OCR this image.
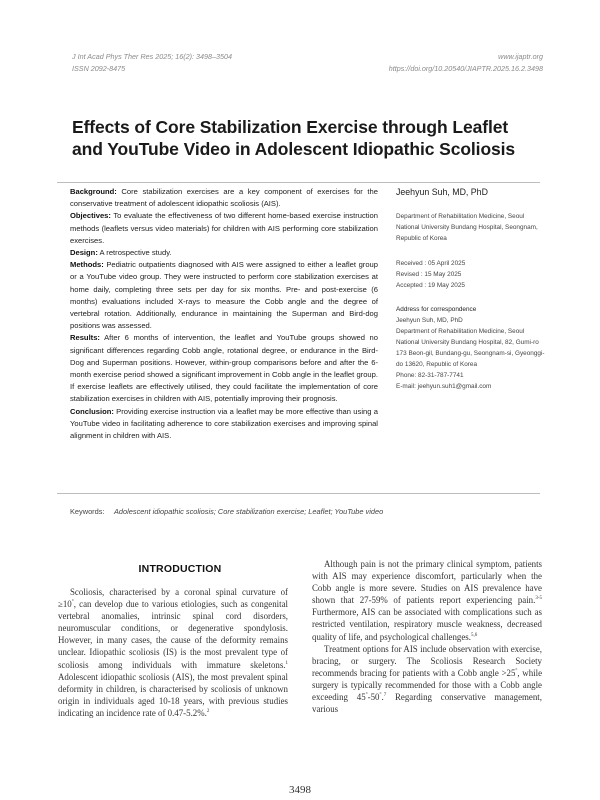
J Int Acad Phys Ther Res 2025; 16(2): 3498–3504
ISSN 2092-8475
www.ijaptr.org
https://doi.org/10.20540/JIAPTR.2025.16.2.3498
Effects of Core Stabilization Exercise through Leaflet and YouTube Video in Adolescent Idiopathic Scoliosis

Background: Core stabilization exercises are a key component of exercises for the conservative treatment of adolescent idiopathic scoliosis (AIS).

Objectives: To evaluate the effectiveness of two different home-based exercise instruction methods (leaflets versus video materials) for children with AIS performing core stabilization exercises.

Design: A retrospective study.

Methods: Pediatric outpatients diagnosed with AIS were assigned to either a leaflet group or a YouTube video group. They were instructed to perform core stabilization exercises at home daily, completing three sets per day for six months. Pre- and post-exercise (6 months) evaluations included X-rays to measure the Cobb angle and the degree of vertebral rotation. Additionally, endurance in maintaining the Superman and Bird-dog positions was assessed.

Results: After 6 months of intervention, the leaflet and YouTube groups showed no significant differences regarding Cobb angle, rotational degree, or endurance in the Bird-Dog and Superman positions. However, within-group comparisons before and after the 6-month exercise period showed a significant improvement in Cobb angle in the leaflet group. If exercise leaflets are effectively utilised, they could facilitate the implementation of core stabilization exercises in children with AIS, potentially improving their prognosis.

Conclusion: Providing exercise instruction via a leaflet may be more effective than using a YouTube video in facilitating adherence to core stabilization exercises and improving spinal alignment in children with AIS.

Jeehyun Suh, MD, PhD
Department of Rehabilitation Medicine, Seoul National University Bundang Hospital, Seongnam, Republic of Korea
Received : 05 April 2025
Revised : 15 May 2025
Accepted : 19 May 2025
Address for correspondence
Jeehyun Suh, MD, PhD
Department of Rehabilitation Medicine, Seoul National University Bundang Hospital, 82, Gumi-ro 173 Beon-gil, Bundang-gu, Seongnam-si, Gyeonggi-do 13620, Republic of Korea
Phone: 82-31-787-7741
E-mail: jeehyun.suh1@gmail.com
Keywords: Adolescent idiopathic scoliosis; Core stabilization exercise; Leaflet; YouTube video
INTRODUCTION

Scoliosis, characterised by a coronal spinal curvature of ≥10°, can develop due to various etiologies, such as congenital vertebral anomalies, intrinsic spinal cord disorders, neuromuscular conditions, or degenerative spondylosis. However, in many cases, the cause of the deformity remains unclear. Idiopathic scoliosis (IS) is the most prevalent type of scoliosis among individuals with immature skeletons.$^1$ Adolescent idiopathic scoliosis (AIS), the most prevalent spinal deformity in children, is characterised by scoliosis of unknown origin in individuals aged 10-18 years, with previous studies indicating an incidence rate of 0.47-5.2%.$^2$

Although pain is not the primary clinical symptom, patients with AIS may experience discomfort, particularly when the Cobb angle is more severe. Studies on AIS prevalence have shown that 27-59% of patients report experiencing pain.$^{3-5}$ Furthermore, AIS can be associated with complications such as restricted ventilation, respiratory muscle weakness, decreased quality of life, and psychological challenges.$^{5,6}$

Treatment options for AIS include observation with exercise, bracing, or surgery. The Scoliosis Research Society recommends bracing for patients with a Cobb angle >25°, while surgery is typically recommended for those with a Cobb angle exceeding 45°-50°.$^7$ Regarding conservative management, various

3498
